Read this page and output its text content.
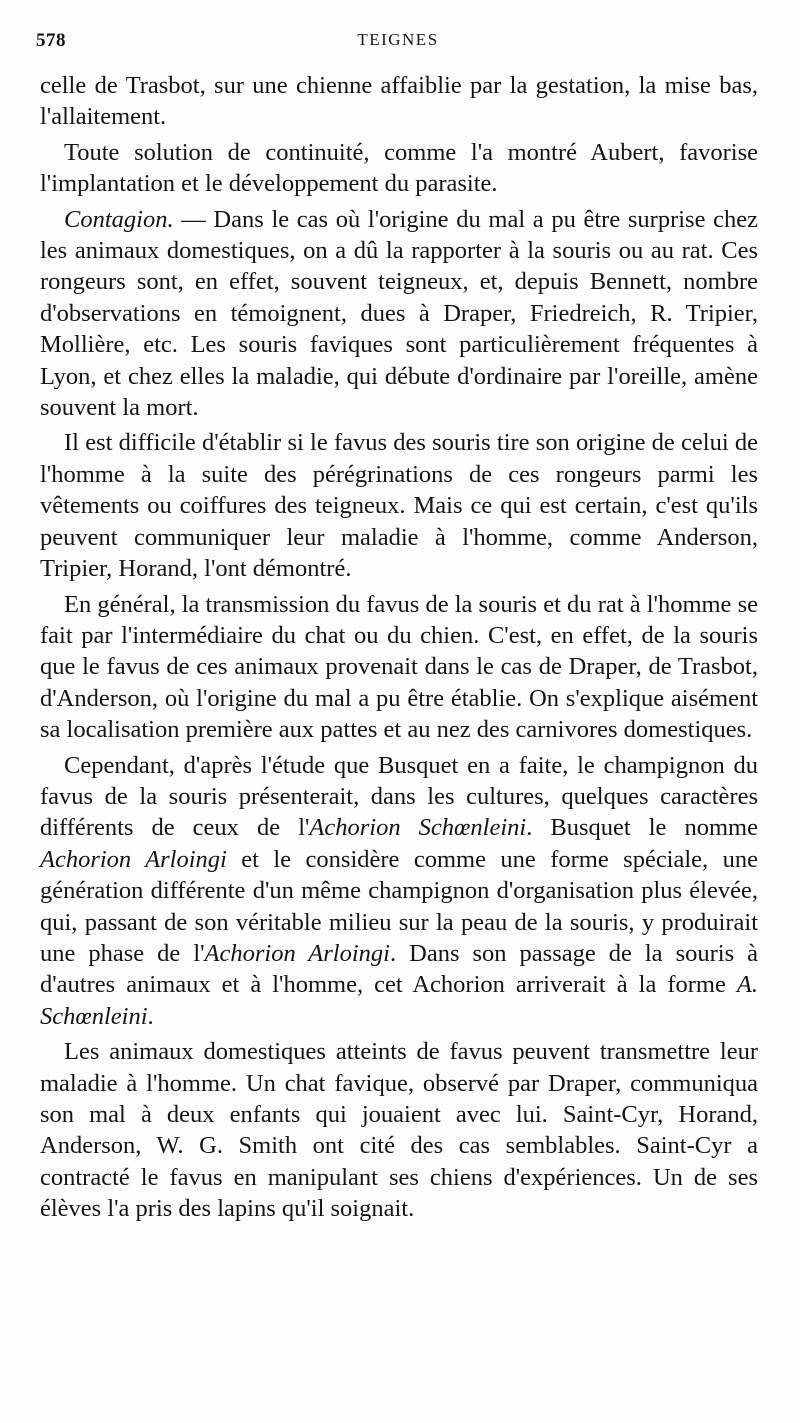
578	TEIGNES

celle de Trasbot, sur une chienne affaiblie par la gestation, la mise bas, l'allaitement.

Toute solution de continuité, comme l'a montré Aubert, favorise l'implantation et le développement du parasite.

Contagion. — Dans le cas où l'origine du mal a pu être surprise chez les animaux domestiques, on a dû la rapporter à la souris ou au rat. Ces rongeurs sont, en effet, souvent teigneux, et, depuis Bennett, nombre d'observations en témoignent, dues à Draper, Friedreich, R. Tripier, Mollière, etc. Les souris faviques sont particulièrement fréquentes à Lyon, et chez elles la maladie, qui débute d'ordinaire par l'oreille, amène souvent la mort.

Il est difficile d'établir si le favus des souris tire son origine de celui de l'homme à la suite des pérégrinations de ces rongeurs parmi les vêtements ou coiffures des teigneux. Mais ce qui est certain, c'est qu'ils peuvent communiquer leur maladie à l'homme, comme Anderson, Tripier, Horand, l'ont démontré.

En général, la transmission du favus de la souris et du rat à l'homme se fait par l'intermédiaire du chat ou du chien. C'est, en effet, de la souris que le favus de ces animaux provenait dans le cas de Draper, de Trasbot, d'Anderson, où l'origine du mal a pu être établie. On s'explique aisément sa localisation première aux pattes et au nez des carnivores domestiques.

Cependant, d'après l'étude que Busquet en a faite, le champignon du favus de la souris présenterait, dans les cultures, quelques caractères différents de ceux de l'Achorion Schœnleini. Busquet le nomme Achorion Arloingi et le considère comme une forme spéciale, une génération différente d'un même champignon d'organisation plus élevée, qui, passant de son véritable milieu sur la peau de la souris, y produirait une phase de l'Achorion Arloingi. Dans son passage de la souris à d'autres animaux et à l'homme, cet Achorion arriverait à la forme A. Schœnleini.

Les animaux domestiques atteints de favus peuvent transmettre leur maladie à l'homme. Un chat favique, observé par Draper, communiqua son mal à deux enfants qui jouaient avec lui. Saint-Cyr, Horand, Anderson, W. G. Smith ont cité des cas semblables. Saint-Cyr a contracté le favus en manipulant ses chiens d'expériences. Un de ses élèves l'a pris des lapins qu'il soignait.
